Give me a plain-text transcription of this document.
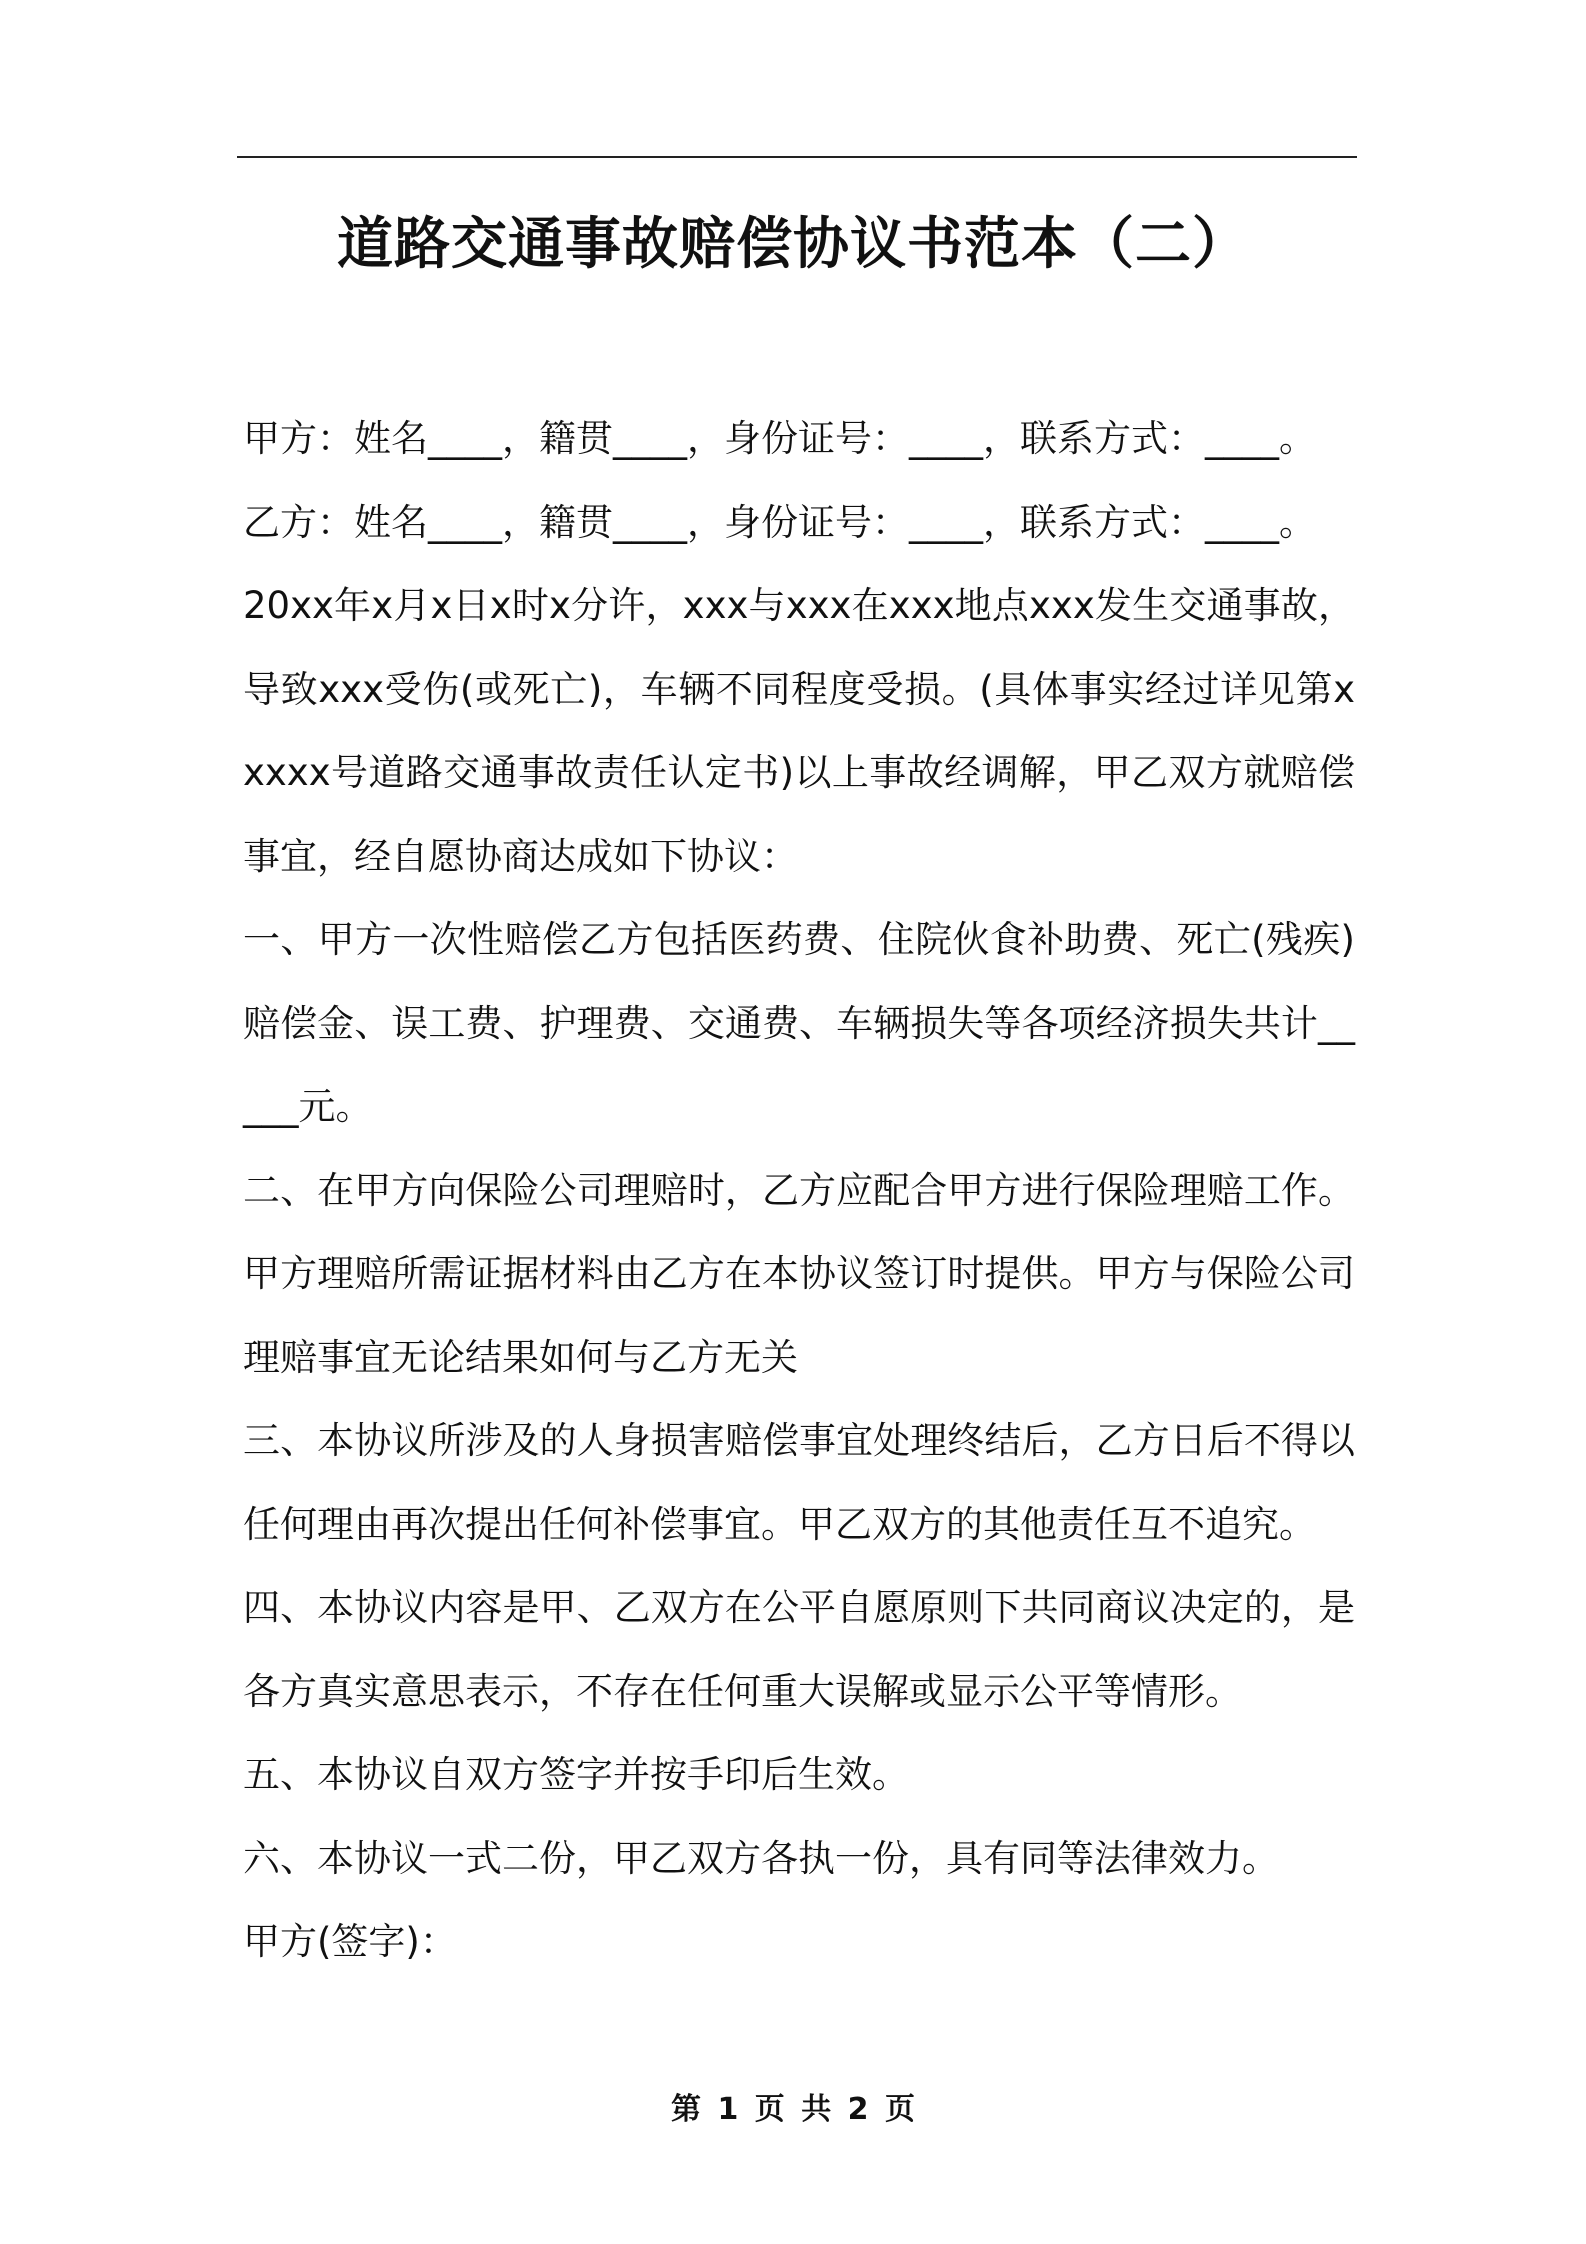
道路交通事故赔偿协议书范本（二）

甲方：姓名____，籍贯____，身份证号：____，联系方式：____。

乙方：姓名____，籍贯____，身份证号：____，联系方式：____。

20xx年x月x日x时x分许，xxx与xxx在xxx地点xxx发生交通事故，导致xxx受伤(或死亡)，车辆不同程度受损。(具体事实经过详见第xxxxx号道路交通事故责任认定书)以上事故经调解，甲乙双方就赔偿事宜，经自愿协商达成如下协议：

一、甲方一次性赔偿乙方包括医药费、住院伙食补助费、死亡(残疾)赔偿金、误工费、护理费、交通费、车辆损失等各项经济损失共计_____元。

二、在甲方向保险公司理赔时，乙方应配合甲方进行保险理赔工作。甲方理赔所需证据材料由乙方在本协议签订时提供。甲方与保险公司理赔事宜无论结果如何与乙方无关

三、本协议所涉及的人身损害赔偿事宜处理终结后，乙方日后不得以任何理由再次提出任何补偿事宜。甲乙双方的其他责任互不追究。

四、本协议内容是甲、乙双方在公平自愿原则下共同商议决定的，是各方真实意思表示，不存在任何重大误解或显示公平等情形。

五、本协议自双方签字并按手印后生效。

六、本协议一式二份，甲乙双方各执一份，具有同等法律效力。

甲方(签字)：

第 1 页 共 2 页
